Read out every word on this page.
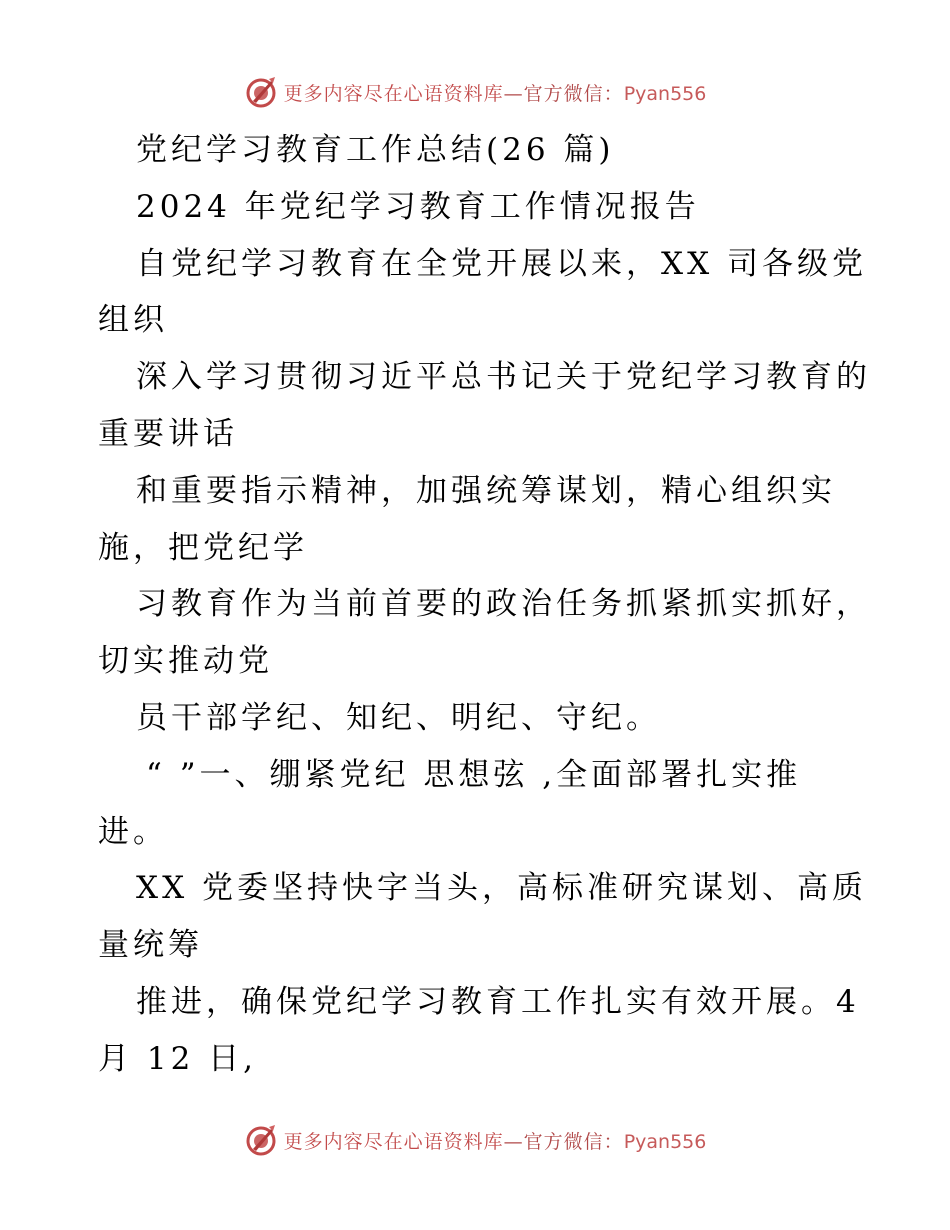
更多内容尽在心语资料库—官方微信：Pyan556
党纪学习教育工作总结(26 篇)
2024 年党纪学习教育工作情况报告
自党纪学习教育在全党开展以来，XX 司各级党
组织
深入学习贯彻习近平总书记关于党纪学习教育的
重要讲话
和重要指示精神，加强统筹谋划，精心组织实
施，把党纪学
习教育作为当前首要的政治任务抓紧抓实抓好，
切实推动党
员干部学纪、知纪、明纪、守纪。
“ ”一、绷紧党纪 思想弦 ,全面部署扎实推
进。
XX 党委坚持快字当头，高标准研究谋划、高质
量统筹
推进，确保党纪学习教育工作扎实有效开展。4
月 12 日,
更多内容尽在心语资料库—官方微信：Pyan556
